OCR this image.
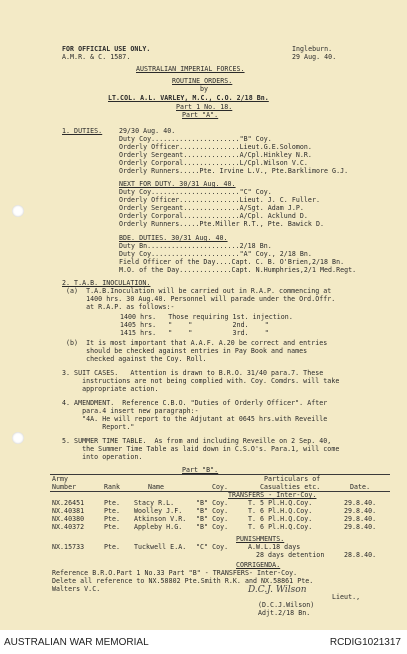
FOR OFFICIAL USE ONLY.
A.M.R. & C. 1587.
Ingleburn.
29 Aug. 40.
AUSTRALIAN IMPERIAL FORCES.
ROUTINE ORDERS.
by
LT.COL. A.L. VARLEY, M.C., C.O. 2/18 Bn.
Part 1 No. 18.
Part "A".
1. DUTIES.	29/30 Aug. 40.
Duty Coy......................"B" Coy.
Orderly Officer...............Lieut.G.E.Solomon.
Orderly Sergeant..............A/Cpl.Hinkley N.R.
Orderly Corporal..............L/Cpl.Wilson V.C.
Orderly Runners.....Pte. Irvine L.V., Pte.Barklimore G.J.
NEXT FOR DUTY. 30/31 Aug. 40.
Duty Coy......................"C" Coy.
Orderly Officer...............Lieut. J. C. Fuller.
Orderly Sergeant..............A/Sgt. Adam J.P.
Orderly Corporal..............A/Cpl. Acklund D.
Orderly Runners.....Pte.Miller R.T., Pte. Bawick D.
BDE. DUTIES. 30/31 Aug. 40.
Duty Bn.......................2/18 Bn.
Duty Coy......................"A" Coy., 2/18 Bn.
Field Officer of the Day....Capt. C. B. O'Brien,2/18 Bn.
M.O. of the Day.............Capt. N.Humphries,2/1 Med.Regt.
2. T.A.B. INOCULATION.
(a)  T.A.B.Inoculation will be carried out in R.A.P. commencing at
1400 hrs. 30 Aug.40. Personnel will parade under the Ord.Offr.
at R.A.P. as follows:-
1400 hrs.   Those requiring 1st. injection.
1405 hrs.   "    "          2nd.    "
1415 hrs.   "    "          3rd.    "
(b)  It is most important that A.A.F. A.20 be correct and entries
should be checked against entries in Pay Book and names
checked against the Coy. Roll.
3. SUIT CASES.   Attention is drawn to B.R.O. 31/40 para.7. These
instructions are not being complied with. Coy. Comdrs. will take
appropriate action.
4. AMENDMENT.  Reference C.B.O. "Duties of Orderly Officer". After
para.4 insert new paragraph:-
"4A. He will report to the Adjutant at 0645 hrs.with Reveille
Report."
5. SUMMER TIME TABLE.  As from and including Reveille on 2 Sep. 40,
the Summer Time Table as laid down in C.S.O's. Para.1, will come
into operation.
Part "B".
Army
Number	Rank	Name	Coy.
Particulars of
Casualties etc.	Date.
TRANSFERS - Inter-Coy.
NX.26451	Pte. Stacy R.L.	"B" Coy.	T. 5 Pl.H.Q.Coy.	29.8.40.
NX.40381	Pte. Woolley J.F. "B" Coy.	T. 6 Pl.H.Q.Coy.	29.8.40.
NX.40380	Pte. Atkinson V.R. "B" Coy.	T. 6 Pl.H.Q.Coy.	29.8.40.
NX.40372	Pte. Appleby H.G. "B" Coy.	T. 6 Pl.H.Q.Coy.	29.8.40.
PUNISHMENTS.
NX.15733	Pte. Tuckwell E.A. "C" Coy.	A.W.L.18 days
28 days detention	28.8.40.
CORRIGENDA.
Reference B.R.O.Part 1 No.33 Part "B" - TRANSFERS- Inter-Coy.
Delete all reference to NX.58802 Pte.Smith R.K. and NX.58861 Pte.
Walters V.C.	D.C.J. Wilson
Lieut.,
(D.C.J.Wilson)
Adjt.2/18 Bn.
AUSTRALIAN WAR MEMORIAL	RCDIG1021317
